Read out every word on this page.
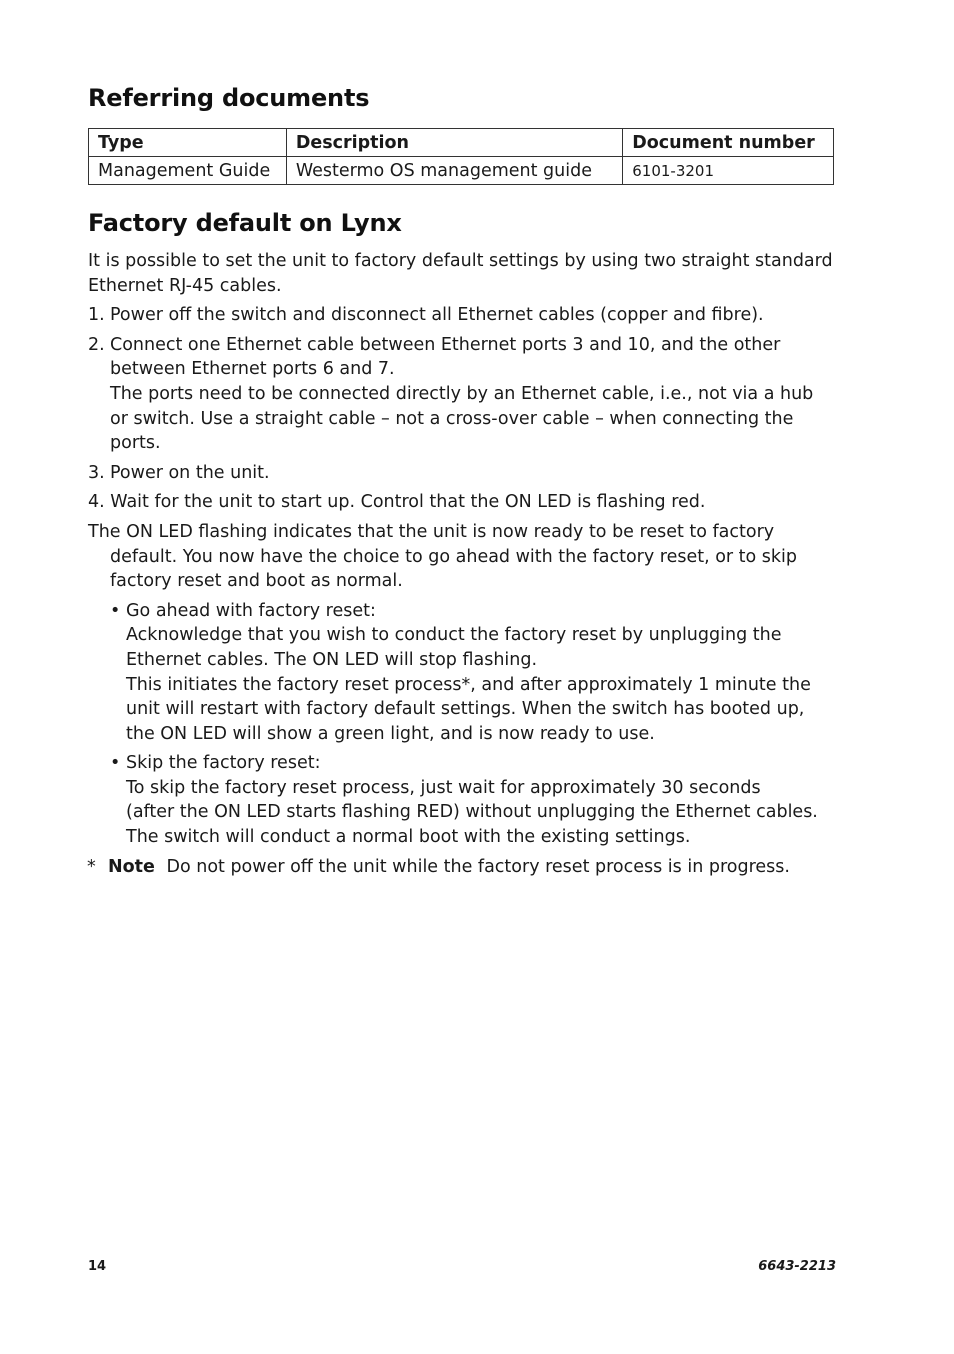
Referring documents
Type	Description	Document number
Management Guide	Westermo OS management guide	6101-3201
Factory default on Lynx

It is possible to set the unit to factory default settings by using two straight standard Ethernet RJ-45 cables.

1. Power off the switch and disconnect all Ethernet cables (copper and fibre).
2. Connect one Ethernet cable between Ethernet ports 3 and 10, and the other between Ethernet ports 6 and 7.
The ports need to be connected directly by an Ethernet cable, i.e., not via a hub or switch. Use a straight cable – not a cross-over cable – when connecting the ports.
3. Power on the unit.

4. Wait for the unit to start up. Control that the ON LED is flashing red.

The ON LED flashing indicates that the unit is now ready to be reset to factory default. You now have the choice to go ahead with the factory reset, or to skip factory reset and boot as normal.

• Go ahead with factory reset:
Acknowledge that you wish to conduct the factory reset by unplugging the Ethernet cables. The ON LED will stop flashing.
This initiates the factory reset process*, and after approximately 1 minute the unit will restart with factory default settings. When the switch has booted up, the ON LED will show a green light, and is now ready to use.
• Skip the factory reset:
To skip the factory reset process, just wait for approximately 30 seconds
(after the ON LED starts flashing RED) without unplugging the Ethernet cables.
The switch will conduct a normal boot with the existing settings.

* Note Do not power off the unit while the factory reset process is in progress.

14	6643-2213
